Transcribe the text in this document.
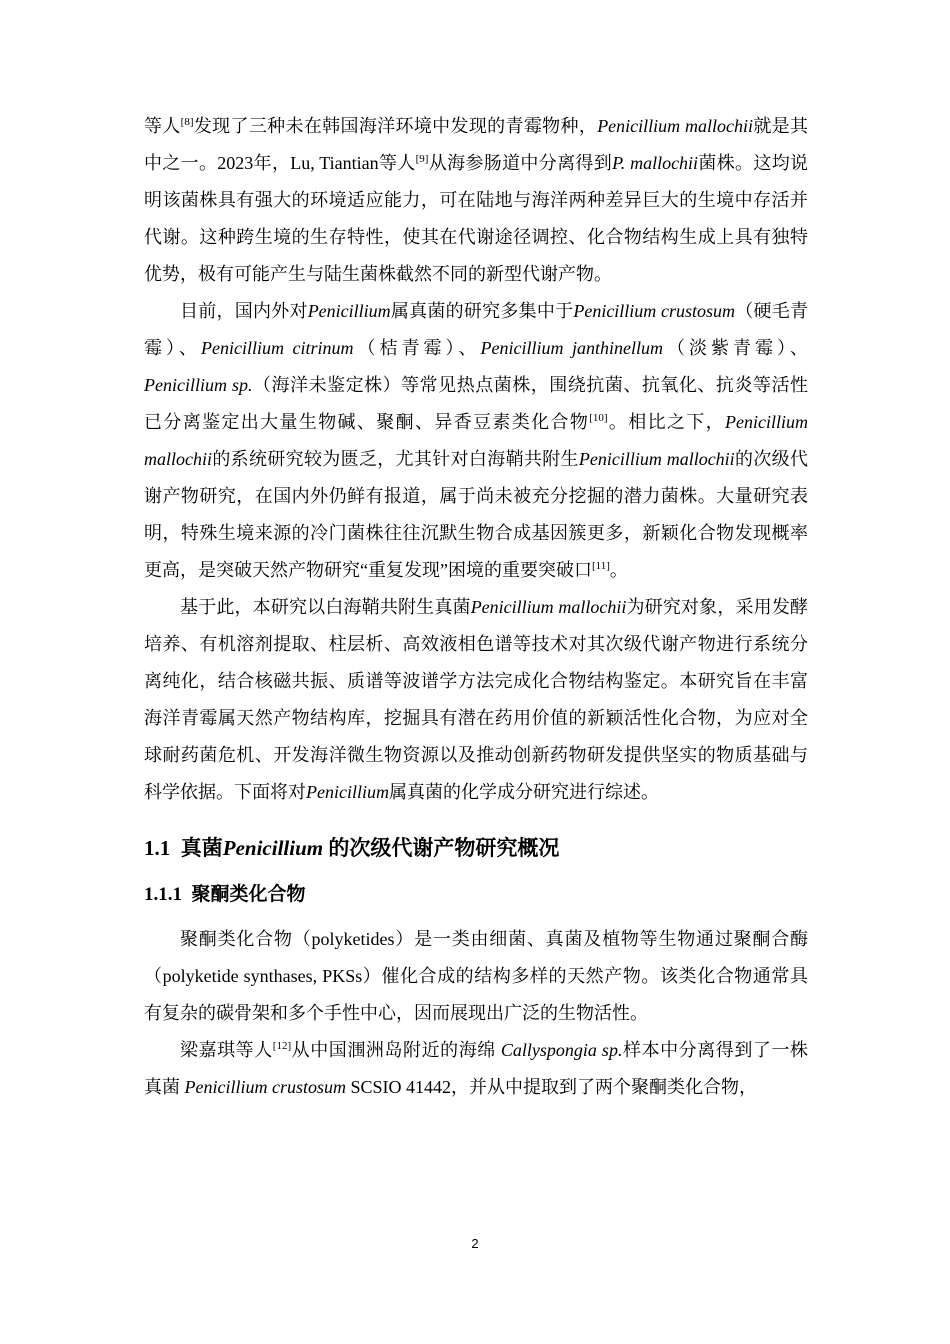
等人[8]发现了三种未在韩国海洋环境中发现的青霉物种，Penicillium mallochii就是其中之一。2023年，Lu, Tiantian等人[9]从海参肠道中分离得到P. mallochii菌株。这均说明该菌株具有强大的环境适应能力，可在陆地与海洋两种差异巨大的生境中存活并代谢。这种跨生境的生存特性，使其在代谢途径调控、化合物结构生成上具有独特优势，极有可能产生与陆生菌株截然不同的新型代谢产物。

目前，国内外对Penicillium属真菌的研究多集中于Penicillium crustosum（硬毛青霉）、Penicillium citrinum（桔青霉）、Penicillium janthinellum（淡紫青霉）、Penicillium sp.（海洋未鉴定株）等常见热点菌株，围绕抗菌、抗氧化、抗炎等活性已分离鉴定出大量生物碱、聚酮、异香豆素类化合物[10]。相比之下，Penicillium mallochii的系统研究较为匮乏，尤其针对白海鞘共附生Penicillium mallochii的次级代谢产物研究，在国内外仍鲜有报道，属于尚未被充分挖掘的潜力菌株。大量研究表明，特殊生境来源的冷门菌株往往沉默生物合成基因簇更多，新颖化合物发现概率更高，是突破天然产物研究“重复发现”困境的重要突破口[11]。

基于此，本研究以白海鞘共附生真菌Penicillium mallochii为研究对象，采用发酵培养、有机溶剂提取、柱层析、高效液相色谱等技术对其次级代谢产物进行系统分离纯化，结合核磁共振、质谱等波谱学方法完成化合物结构鉴定。本研究旨在丰富海洋青霉属天然产物结构库，挖掘具有潜在药用价值的新颖活性化合物，为应对全球耐药菌危机、开发海洋微生物资源以及推动创新药物研发提供坚实的物质基础与科学依据。下面将对Penicillium属真菌的化学成分研究进行综述。

1.1 真菌Penicillium 的次级代谢产物研究概况
1.1.1 聚酮类化合物

聚酮类化合物（polyketides）是一类由细菌、真菌及植物等生物通过聚酮合酶（polyketide synthases, PKSs）催化合成的结构多样的天然产物。该类化合物通常具有复杂的碳骨架和多个手性中心，因而展现出广泛的生物活性。

梁嘉琪等人[12]从中国涠洲岛附近的海绵 Callyspongia sp.样本中分离得到了一株真菌 Penicillium crustosum SCSIO 41442，并从中提取到了两个聚酮类化合物，

2
